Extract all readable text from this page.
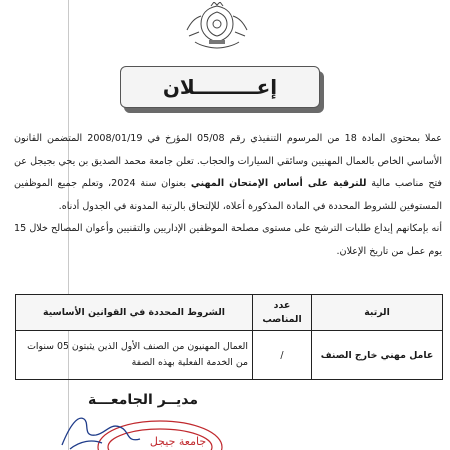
إعـــــــــلان

عملا بمحتوى المادة 18 من المرسوم التنفيذي رقم 05/08 المؤرخ في 2008/01/19 المتضمن القانون الأساسي الخاص بالعمال المهنيين وسائقي السيارات والحجاب. تعلن جامعة محمد الصديق بن يحي بجيجل عن فتح مناصب مالية للترقية على أساس الإمتحان المهني بعنوان سنة 2024، وتعلم جميع الموظفين المستوفين للشروط المحددة في المادة المذكورة أعلاه، للإلتحاق بالرتبة المدونة في الجدول أدناه.

أنه بإمكانهم إيداع طلبات الترشح على مستوى مصلحة الموظفين الإداريين والتقنيين وأعوان المصالح خلال 15 يوم عمل من تاريخ الإعلان.

الرتبة	عدد المناصب	الشروط المحددة في القوانين الأساسية
عامل مهني خارج الصنف	/	العمال المهنيون من الصنف الأول الذين يثبتون 05 سنوات من الخدمة الفعلية بهذه الصفة
مديــر الجامعـــة
جامعة جيجل
